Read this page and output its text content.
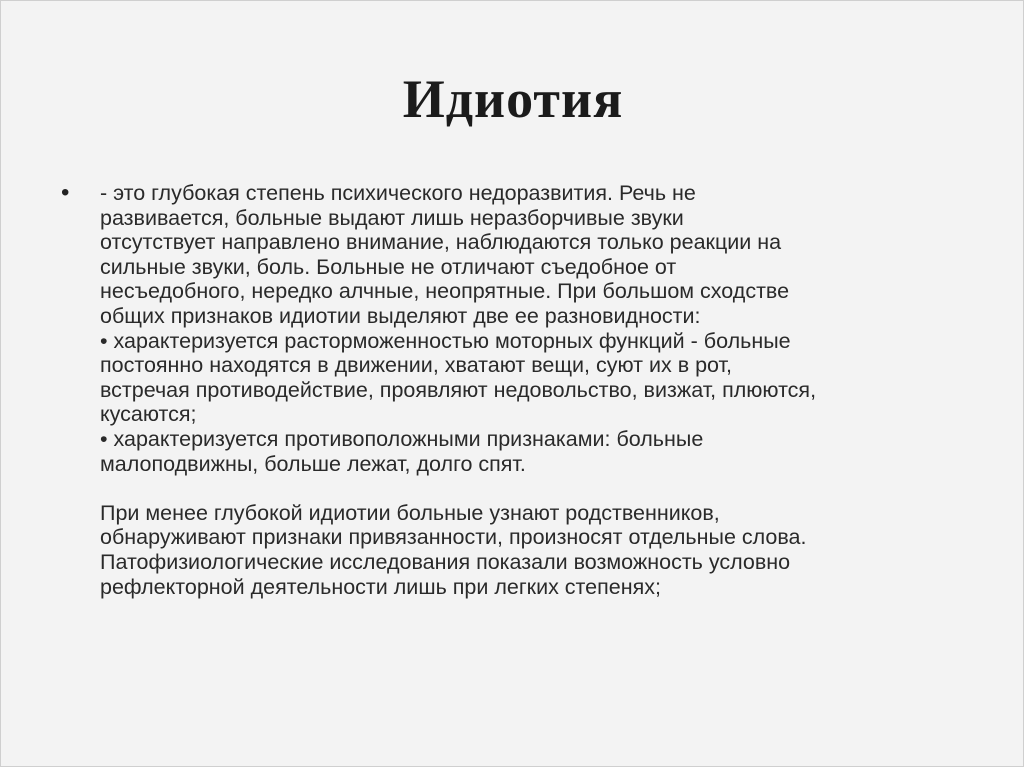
Идиотия
• - это глубокая степень психического недоразвития. Речь не
развивается, больные выдают лишь неразборчивые звуки
отсутствует направлено внимание, наблюдаются только реакции на
сильные звуки, боль. Больные не отличают съедобное от
несъедобного, нередко алчные, неопрятные. При большом сходстве
общих признаков идиотии выделяют две ее разновидности:
• характеризуется расторможенностью моторных функций - больные
постоянно находятся в движении, хватают вещи, суют их в рот,
встречая противодействие, проявляют недовольство, визжат, плюются,
кусаются;
• характеризуется противоположными признаками: больные
малоподвижны, больше лежат, долго спят.
При менее глубокой идиотии больные узнают родственников,
обнаруживают признаки привязанности, произносят отдельные слова.
Патофизиологические исследования показали возможность условно
рефлекторной деятельности лишь при легких степенях;
